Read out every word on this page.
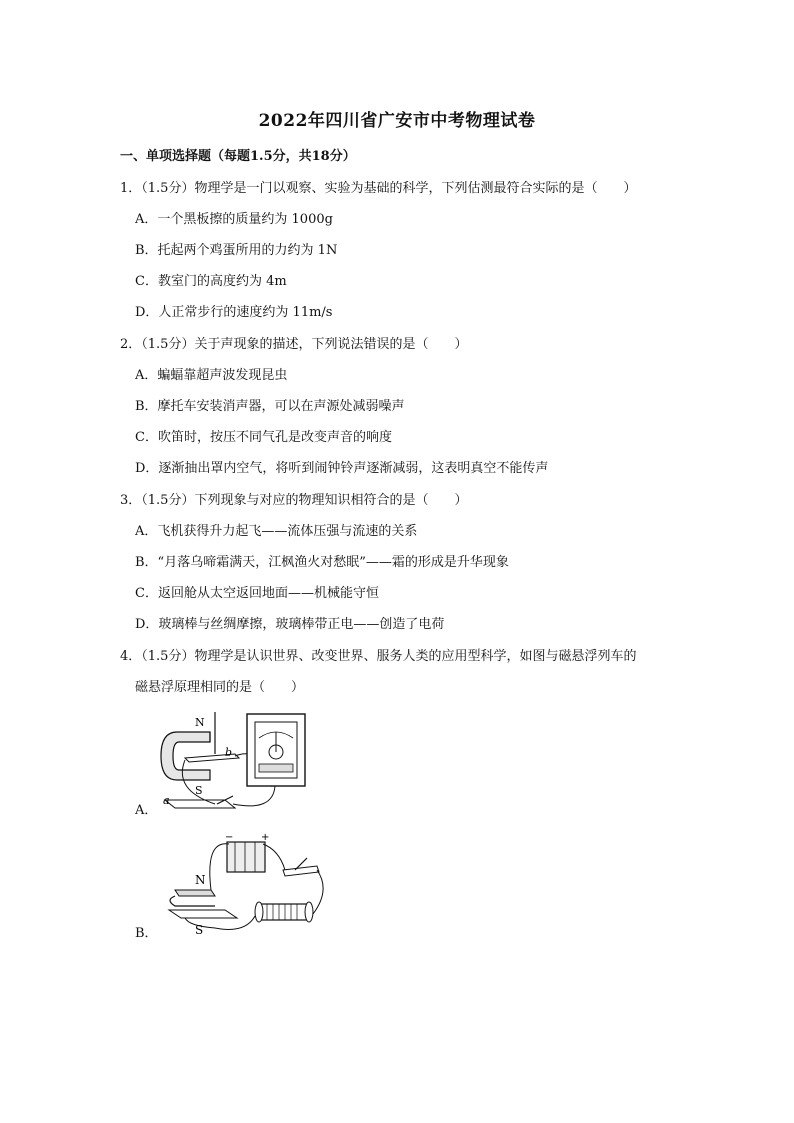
2022年四川省广安市中考物理试卷
一、单项选择题（每题1.5分，共18分）
1．（1.5分）物理学是一门以观察、实验为基础的科学，下列估测最符合实际的是（　　）
A．一个黑板擦的质量约为 1000g
B．托起两个鸡蛋所用的力约为 1N
C．教室门的高度约为 4m
D．人正常步行的速度约为 11m/s
2．（1.5分）关于声现象的描述，下列说法错误的是（　　）
A．蝙蝠靠超声波发现昆虫
B．摩托车安装消声器，可以在声源处减弱噪声
C．吹笛时，按压不同气孔是改变声音的响度
D．逐渐抽出罩内空气，将听到闹钟铃声逐渐减弱，这表明真空不能传声
3．（1.5分）下列现象与对应的物理知识相符合的是（　　）
A．飞机获得升力起飞——流体压强与流速的关系
B．“月落乌啼霜满天，江枫渔火对愁眠”——霜的形成是升华现象
C．返回舱从太空返回地面——机械能守恒
D．玻璃棒与丝绸摩擦，玻璃棒带正电——创造了电荷
4．（1.5分）物理学是认识世界、改变世界、服务人类的应用型科学，如图与磁悬浮列车的
磁悬浮原理相同的是（　　）
A．
N
S
a
b
B．
−	+
N
S
